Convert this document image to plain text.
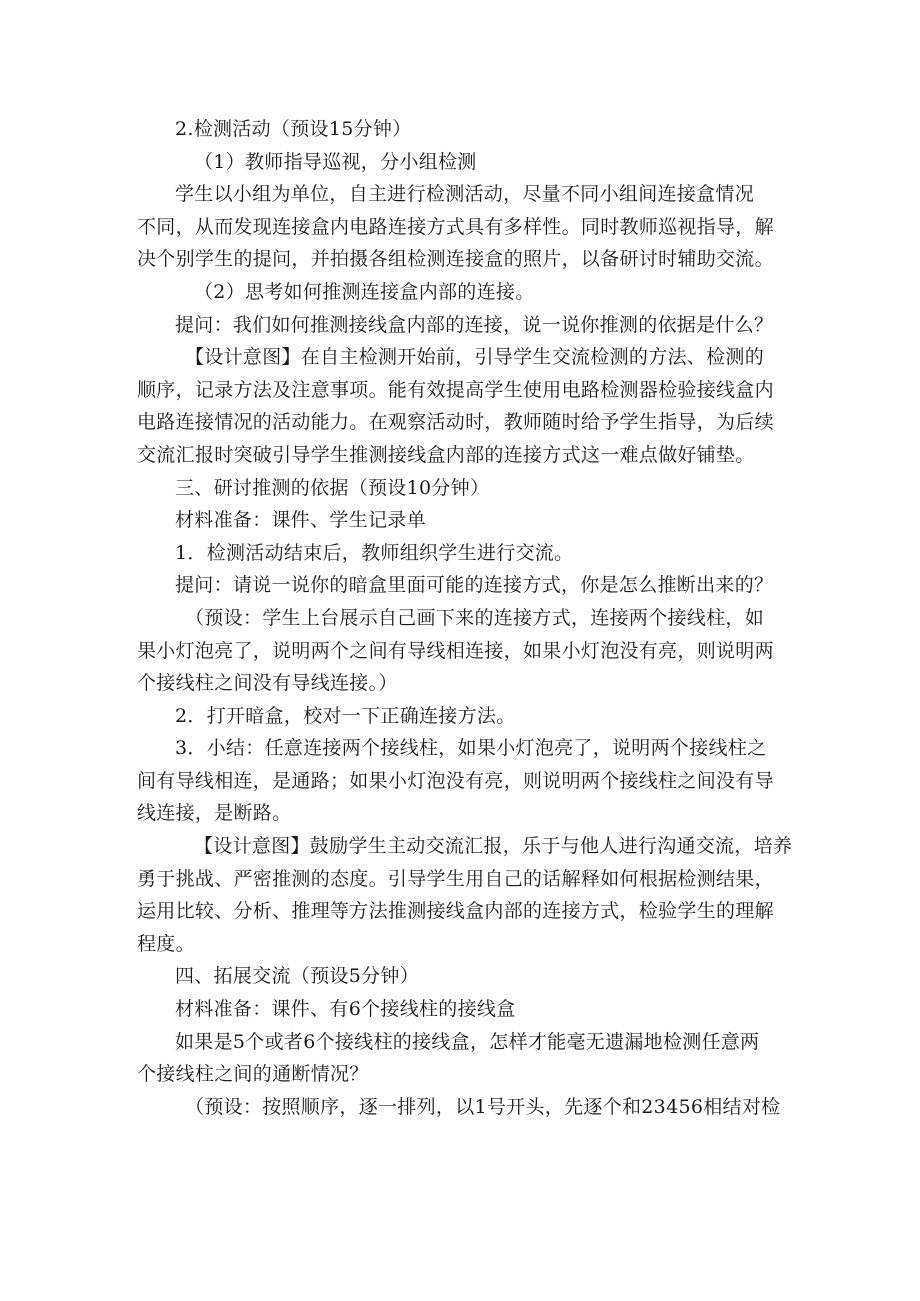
2.检测活动（预设15分钟）
（1）教师指导巡视，分小组检测
学生以小组为单位，自主进行检测活动，尽量不同小组间连接盒情况
不同，从而发现连接盒内电路连接方式具有多样性。同时教师巡视指导，解
决个别学生的提问，并拍摄各组检测连接盒的照片，以备研讨时辅助交流。
（2）思考如何推测连接盒内部的连接。
提问：我们如何推测接线盒内部的连接，说一说你推测的依据是什么？
【设计意图】在自主检测开始前，引导学生交流检测的方法、检测的
顺序，记录方法及注意事项。能有效提高学生使用电路检测器检验接线盒内
电路连接情况的活动能力。在观察活动时，教师随时给予学生指导，为后续
交流汇报时突破引导学生推测接线盒内部的连接方式这一难点做好铺垫。
三、研讨推测的依据（预设10分钟）
材料准备：课件、学生记录单
1．检测活动结束后，教师组织学生进行交流。
提问：请说一说你的暗盒里面可能的连接方式，你是怎么推断出来的？
（预设：学生上台展示自己画下来的连接方式，连接两个接线柱，如
果小灯泡亮了，说明两个之间有导线相连接，如果小灯泡没有亮，则说明两
个接线柱之间没有导线连接。）
2．打开暗盒，校对一下正确连接方法。
3．小结：任意连接两个接线柱，如果小灯泡亮了，说明两个接线柱之
间有导线相连，是通路；如果小灯泡没有亮，则说明两个接线柱之间没有导
线连接，是断路。
【设计意图】鼓励学生主动交流汇报，乐于与他人进行沟通交流，培养
勇于挑战、严密推测的态度。引导学生用自己的话解释如何根据检测结果，
运用比较、分析、推理等方法推测接线盒内部的连接方式，检验学生的理解
程度。
四、拓展交流（预设5分钟）
材料准备：课件、有6个接线柱的接线盒
如果是5个或者6个接线柱的接线盒，怎样才能毫无遗漏地检测任意两
个接线柱之间的通断情况？
（预设：按照顺序，逐一排列，以1号开头，先逐个和23456相结对检
